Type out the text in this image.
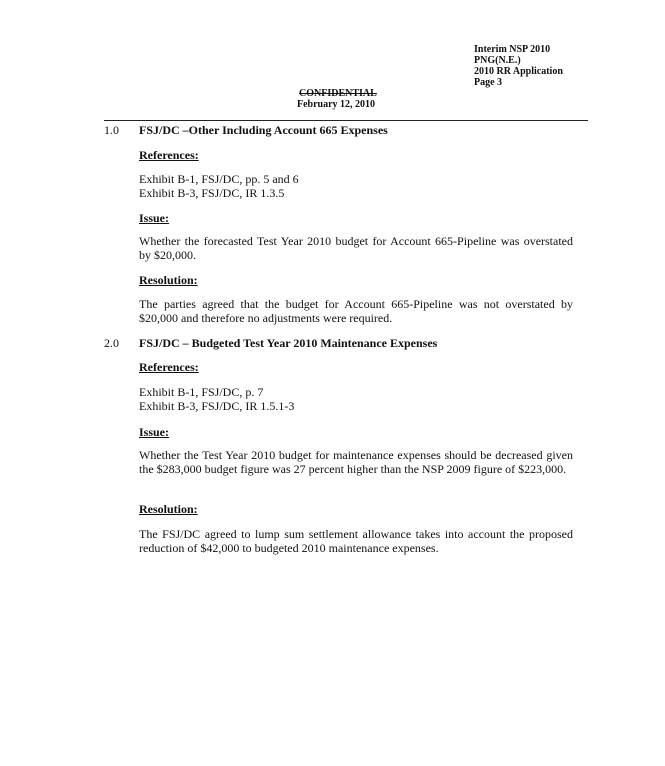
Interim NSP 2010
PNG(N.E.)
2010 RR Application
Page 3
CONFIDENTIAL
February 12, 2010
1.0 FSJ/DC –Other Including Account 665 Expenses
References:
Exhibit B-1, FSJ/DC, pp. 5 and 6
Exhibit B-3, FSJ/DC, IR 1.3.5
Issue:
Whether the forecasted Test Year 2010 budget for Account 665-Pipeline was overstated by $20,000.
Resolution:
The parties agreed that the budget for Account 665-Pipeline was not overstated by $20,000 and therefore no adjustments were required.
2.0 FSJ/DC – Budgeted Test Year 2010 Maintenance Expenses
References:
Exhibit B-1, FSJ/DC, p. 7
Exhibit B-3, FSJ/DC, IR 1.5.1-3
Issue:
Whether the Test Year 2010 budget for maintenance expenses should be decreased given the $283,000 budget figure was 27 percent higher than the NSP 2009 figure of $223,000.
Resolution:
The FSJ/DC agreed to lump sum settlement allowance takes into account the proposed reduction of $42,000 to budgeted 2010 maintenance expenses.
